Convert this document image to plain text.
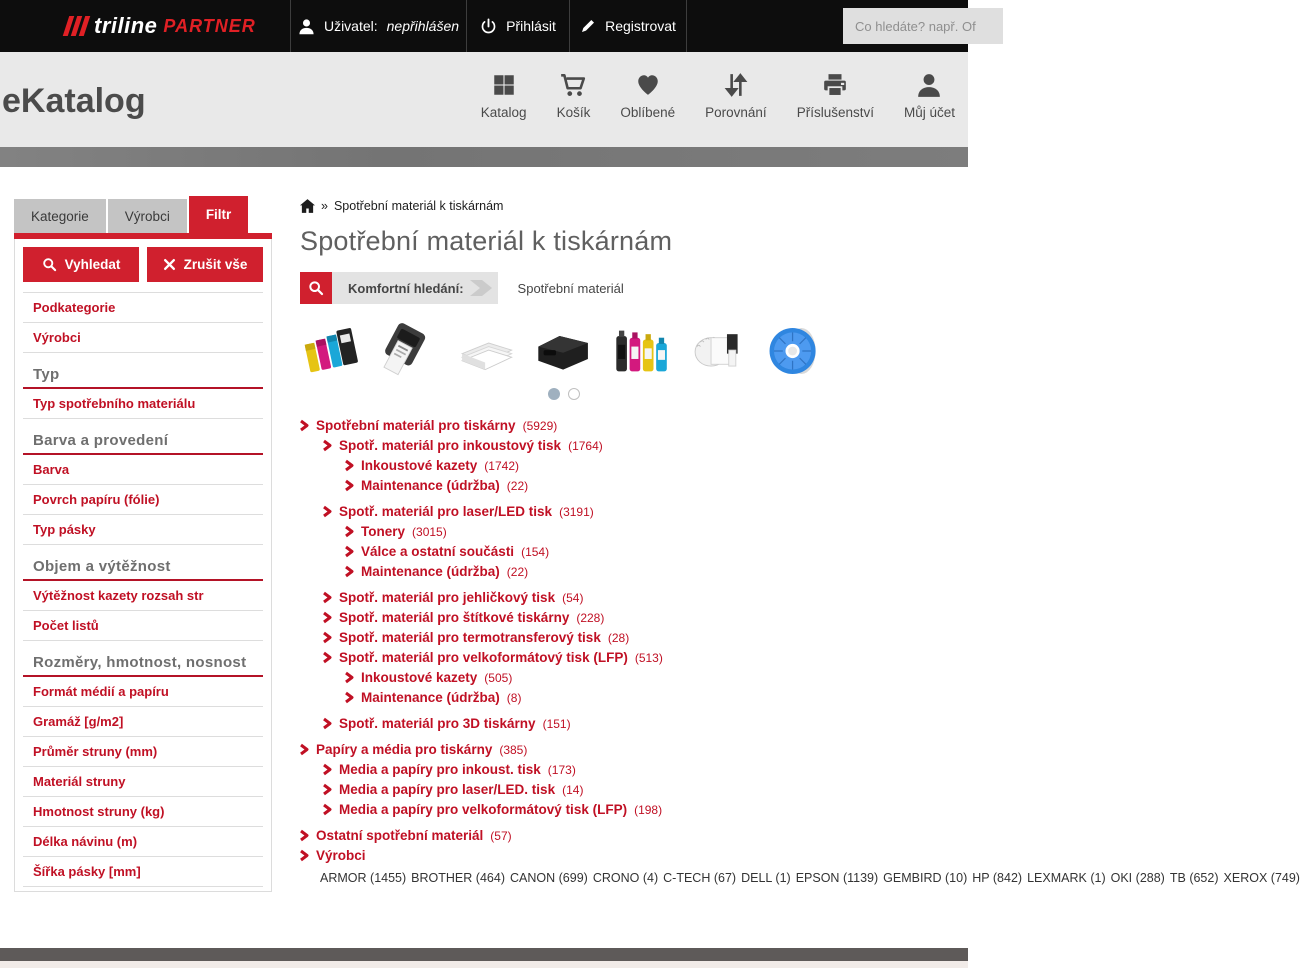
triline PARTNER	Uživatel: nepřihlášen	Přihlásit	Registrovat
Co hledáte? např. Of
eKatalog	Katalog Košík Oblíbené Porovnání Příslušenství Můj účet
Kategorie	Výrobci	Filtr
Vyhledat	Zrušit vše
Podkategorie
Výrobci
Typ
Typ spotřebního materiálu
Barva a provedení
Barva
Povrch papíru (fólie)
Typ pásky
Objem a výtěžnost
Výtěžnost kazety rozsah str
Počet listů
Rozměry, hmotnost, nosnost
Formát médií a papíru
Gramáž [g/m2]
Průměr struny (mm)
Materiál struny
Hmotnost struny (kg)
Délka návinu (m)
Šířka pásky [mm]
» Spotřební materiál k tiskárnám
Spotřební materiál k tiskárnám
Komfortní hledání:	Spotřební materiál
Spotřební materiál pro tiskárny ( 5929 )
Spotř. materiál pro inkoustový tisk ( 1764 )
Inkoustové kazety ( 1742 )
Maintenance (údržba) ( 22 )
Spotř. materiál pro laser/LED tisk ( 3191 )
Tonery ( 3015 )
Válce a ostatní součásti ( 154 )
Maintenance (údržba) ( 22 )
Spotř. materiál pro jehličkový tisk ( 54 )
Spotř. materiál pro štítkové tiskárny ( 228 )
Spotř. materiál pro termotransferový tisk ( 28 )
Spotř. materiál pro velkoformátový tisk (LFP) ( 513 )
Inkoustové kazety ( 505 )
Maintenance (údržba) ( 8 )
Spotř. materiál pro 3D tiskárny ( 151 )
Papíry a média pro tiskárny ( 385 )
Media a papíry pro inkoust. tisk ( 173 )
Media a papíry pro laser/LED. tisk ( 14 )
Media a papíry pro velkoformátový tisk (LFP) ( 198 )
Ostatní spotřební materiál ( 57 )
Výrobci
ARMOR ( 1455 ) BROTHER ( 464 ) CANON ( 699 ) CRONO ( 4 ) C-TECH ( 67 ) DELL ( 1 ) EPSON ( 1139 ) GEMBIRD ( 10 ) HP ( 842 ) LEXMARK ( 1 ) OKI ( 288 ) TB ( 652 ) XEROX ( 749 )
